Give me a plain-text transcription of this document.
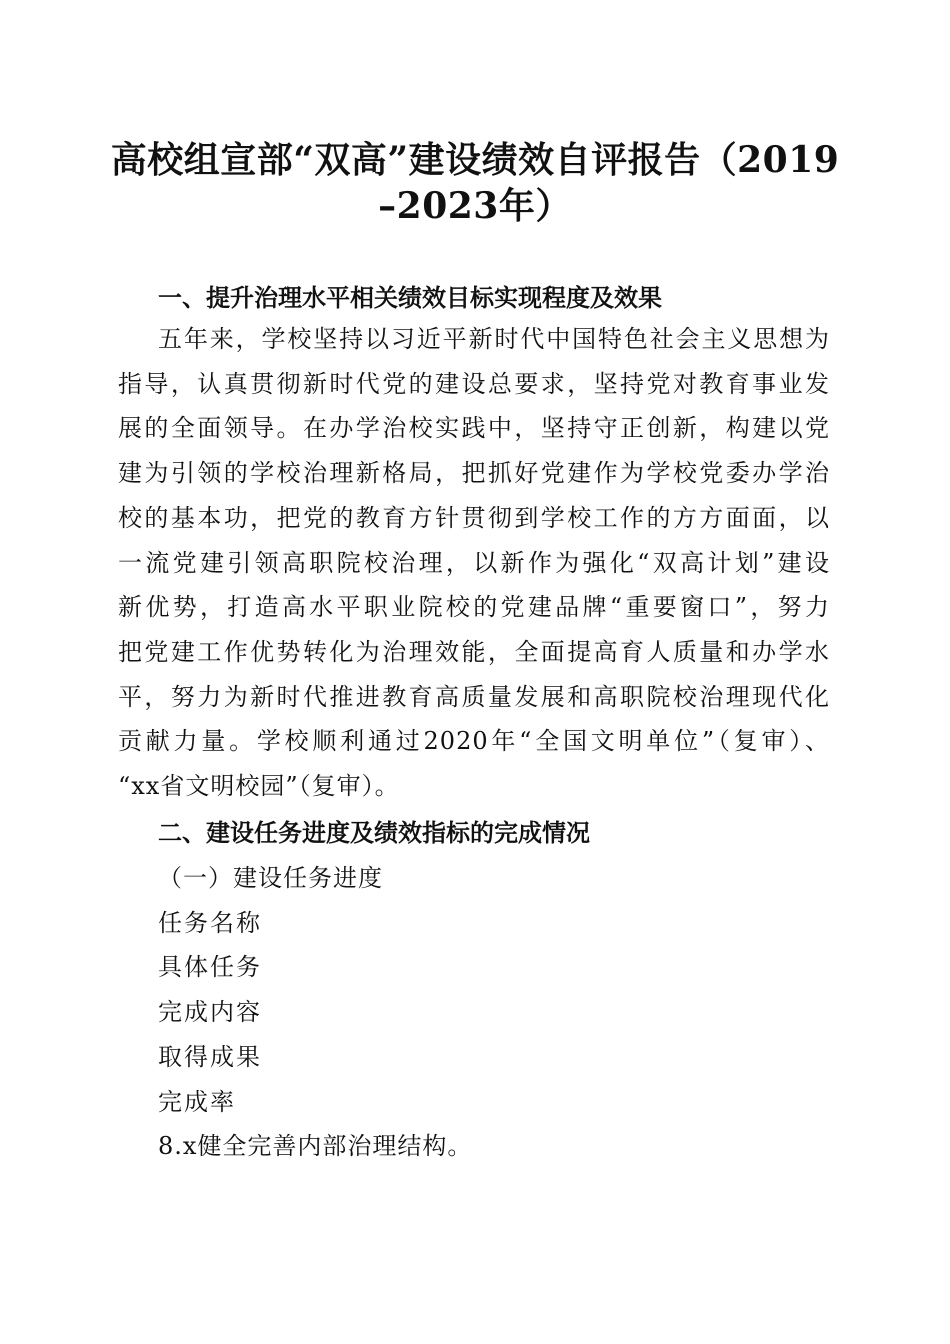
高校组宣部“双高”建设绩效自评报告（2019
–2023年）
一、提升治理水平相关绩效目标实现程度及效果
五年来，学校坚持以习近平新时代中国特色社会主义思想为
指导，认真贯彻新时代党的建设总要求，坚持党对教育事业发
展的全面领导。在办学治校实践中，坚持守正创新，构建以党
建为引领的学校治理新格局，把抓好党建作为学校党委办学治
校的基本功，把党的教育方针贯彻到学校工作的方方面面，以
一流党建引领高职院校治理，以新作为强化“双高计划”建设
新优势，打造高水平职业院校的党建品牌“重要窗口”，努力
把党建工作优势转化为治理效能，全面提高育人质量和办学水
平，努力为新时代推进教育高质量发展和高职院校治理现代化
贡献力量。学校顺利通过2020年“全国文明单位”（复审）、
“xx省文明校园”（复审）。
二、建设任务进度及绩效指标的完成情况
（一）建设任务进度
任务名称
具体任务
完成内容
取得成果
完成率
8.x健全完善内部治理结构。
